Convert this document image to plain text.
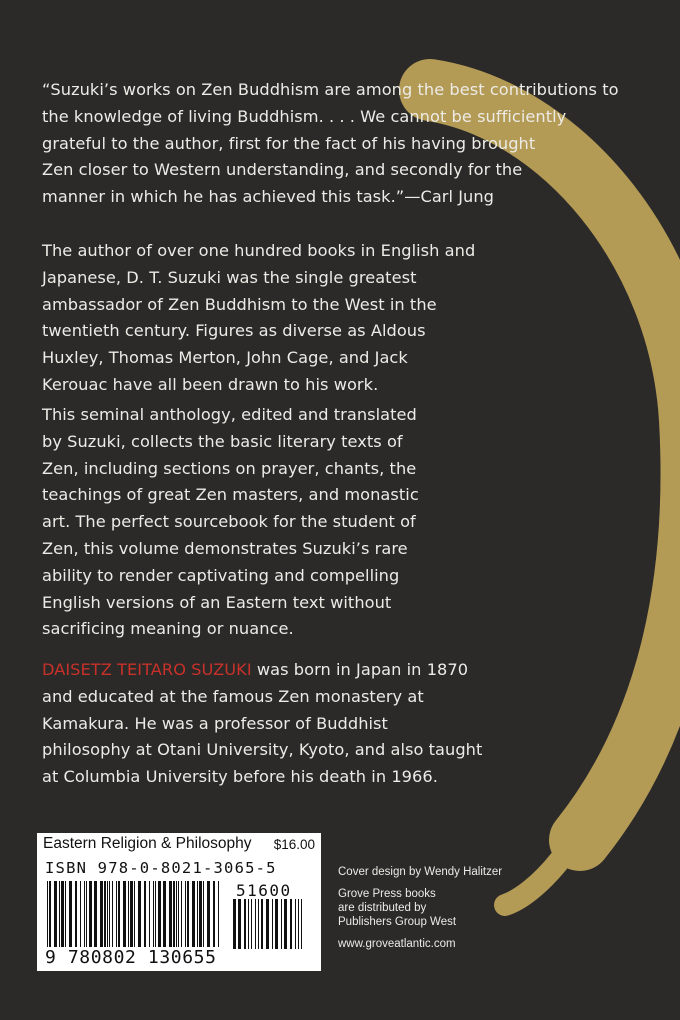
“Suzuki’s works on Zen Buddhism are among the best contributions to
the knowledge of living Buddhism. . . . We cannot be sufficiently
grateful to the author, first for the fact of his having brought
Zen closer to Western understanding, and secondly for the
manner in which he has achieved this task.”—Carl Jung
The author of over one hundred books in English and
Japanese, D. T. Suzuki was the single greatest
ambassador of Zen Buddhism to the West in the
twentieth century. Figures as diverse as Aldous
Huxley, Thomas Merton, John Cage, and Jack
Kerouac have all been drawn to his work.
This seminal anthology, edited and translated
by Suzuki, collects the basic literary texts of
Zen, including sections on prayer, chants, the
teachings of great Zen masters, and monastic
art. The perfect sourcebook for the student of
Zen, this volume demonstrates Suzuki’s rare
ability to render captivating and compelling
English versions of an Eastern text without
sacrificing meaning or nuance.
DAISETZ TEITARO SUZUKI was born in Japan in 1870
and educated at the famous Zen monastery at
Kamakura. He was a professor of Buddhist
philosophy at Otani University, Kyoto, and also taught
at Columbia University before his death in 1966.
Eastern Religion & Philosophy $16.00
ISBN 978-0-8021-3065-5
51600
9 780802 130655
Cover design by Wendy Halitzer
Grove Press books
are distributed by
Publishers Group West
www.groveatlantic.com
